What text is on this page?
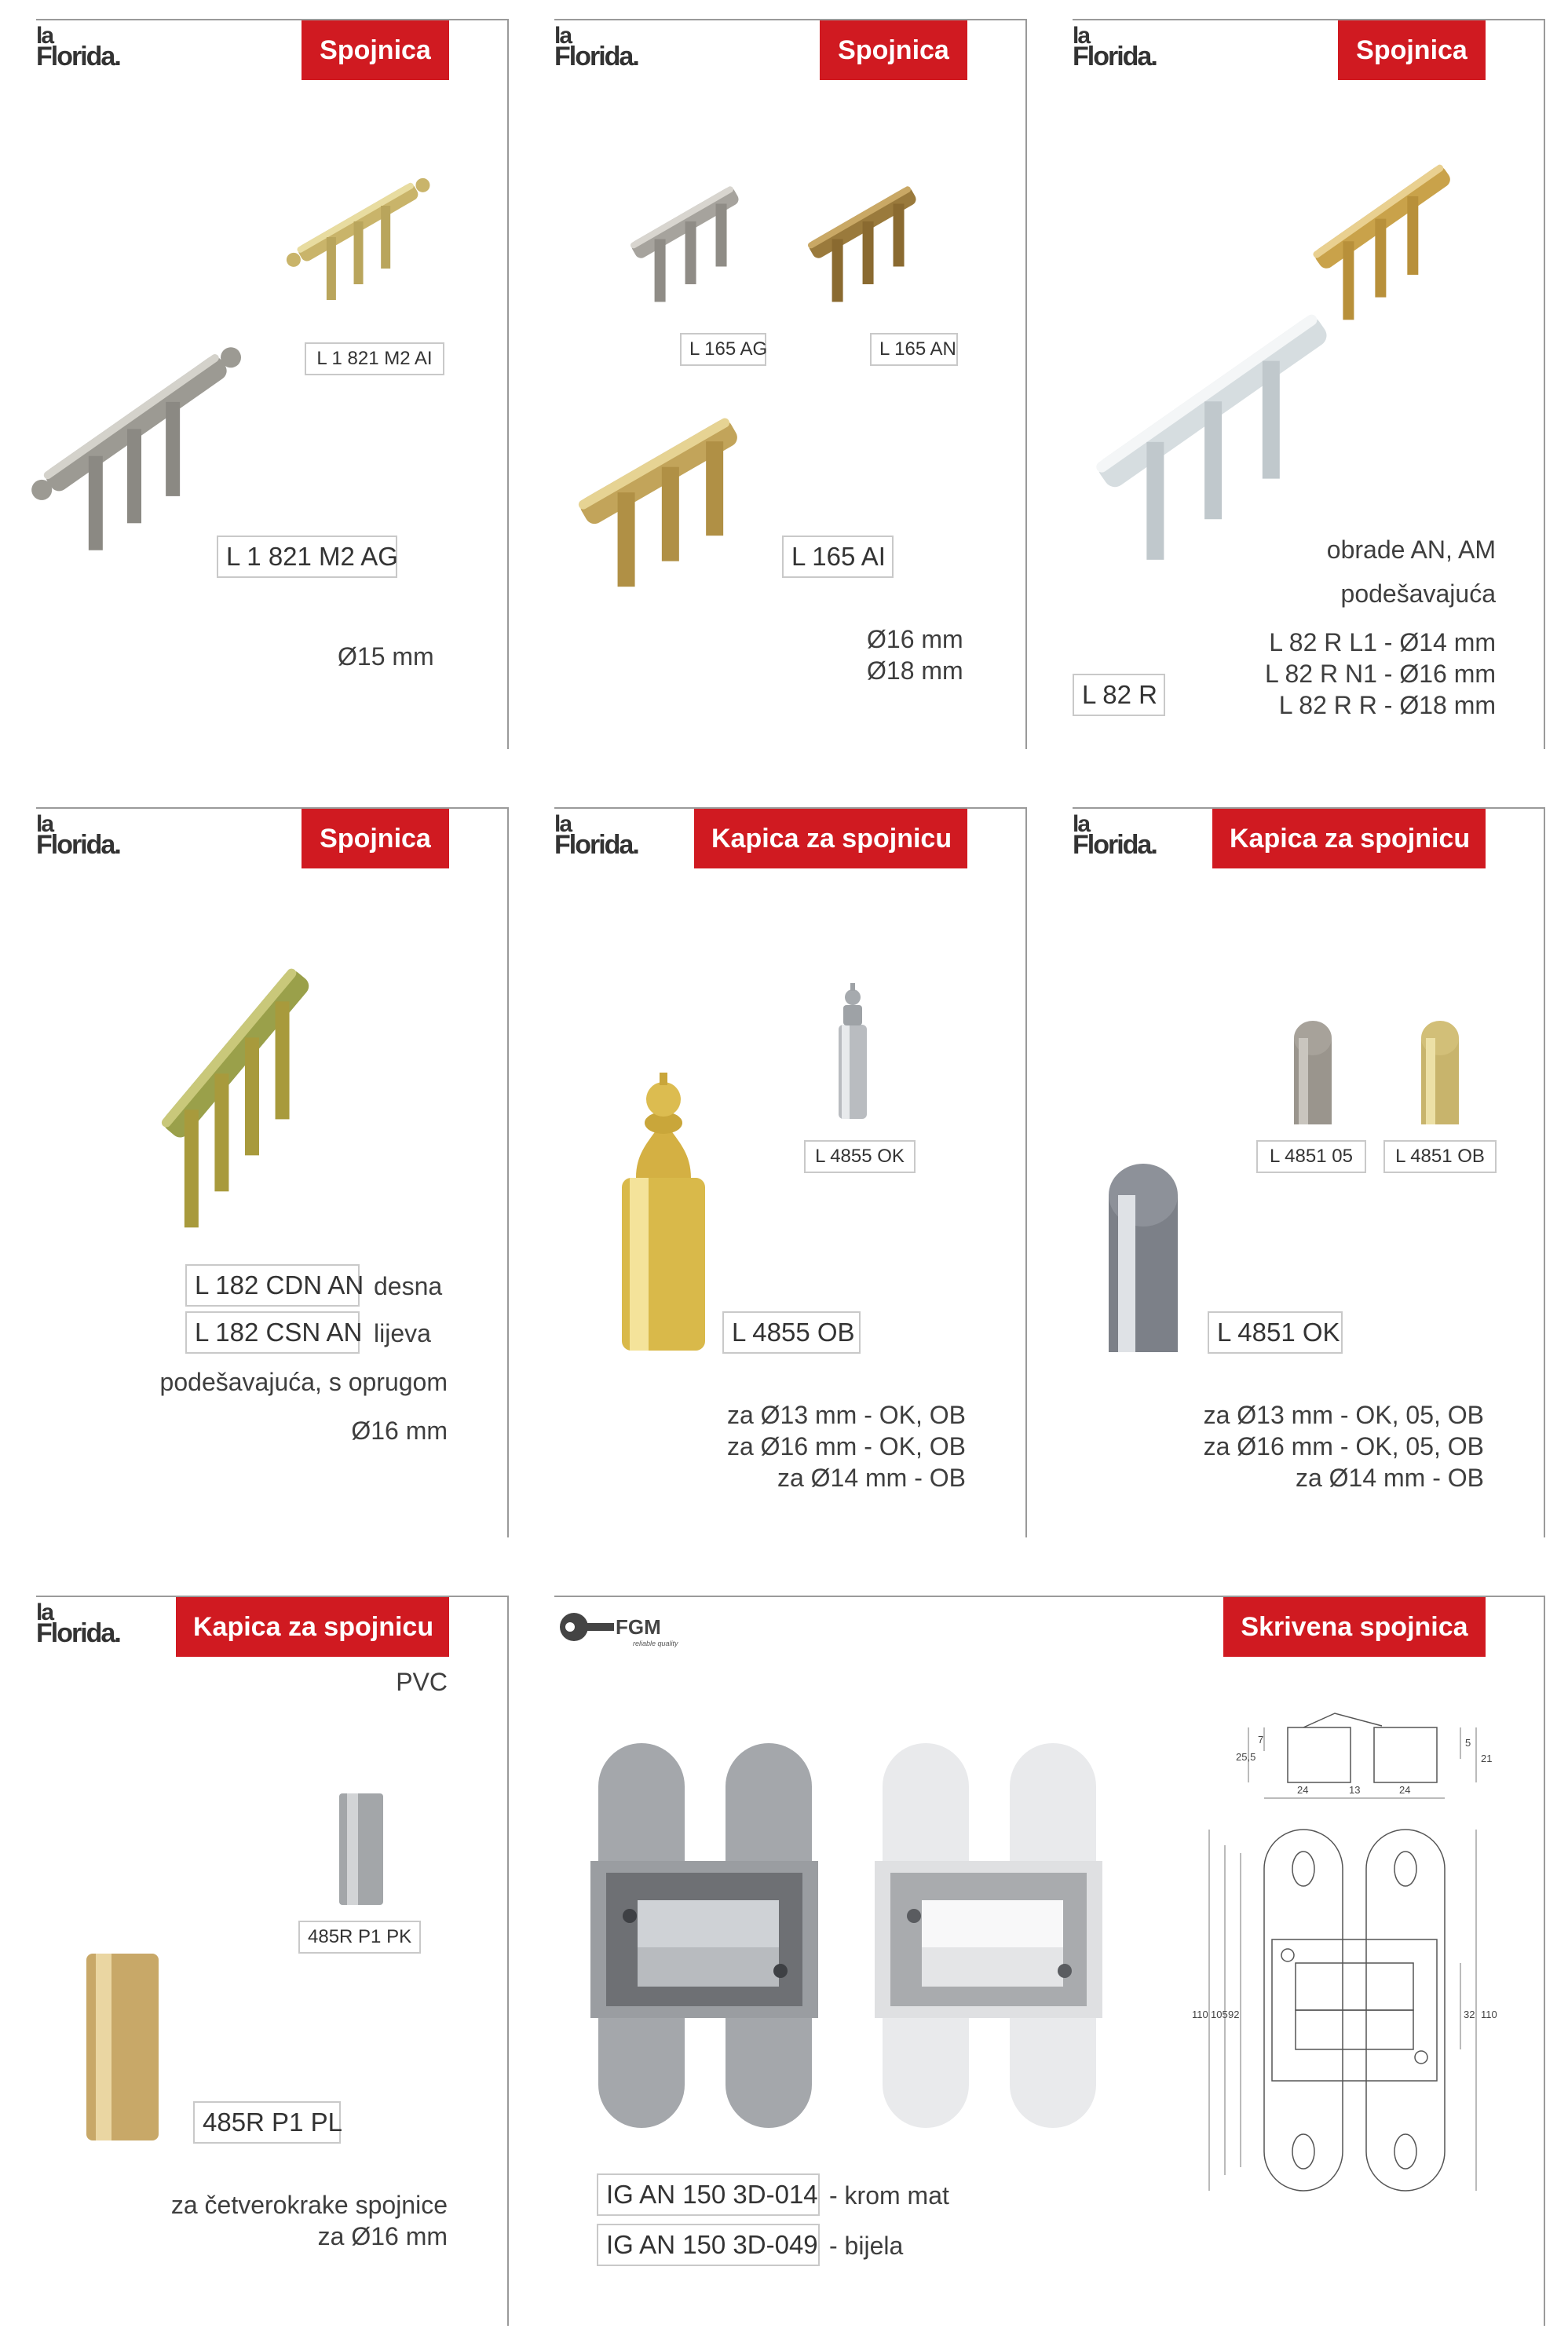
la
Florida.
la
Florida.
la
Florida.
la
Florida.
la
Florida.
la
Florida.
la
Florida.	FGM
reliable quality
Spojnica
L 1 821 M2 AI
L 1 821 M2 AG
Ø15 mm
Spojnica
L 165 AG	L 165 AN
L 165 AI
Ø16 mm
Ø18 mm
Spojnica
obrade AN, AM
podešavajuća
L 82 R L1 - Ø14 mm
L 82 R N1 - Ø16 mm
L 82 R R - Ø18 mm
L 82 R
Spojnica
L 182 CDN AN desna
L 182 CSN AN lijeva
podešavajuća, s oprugom
Ø16 mm
Kapica za spojnicu
L 4855 OK
L 4855 OB
za Ø13 mm - OK, OB
za Ø16 mm - OK, OB
za Ø14 mm - OB
Kapica za spojnicu
L 4851 05	L 4851 OB
L 4851 OK
za Ø13 mm - OK, 05, OB
za Ø16 mm - OK, 05, OB
za Ø14 mm - OB
Kapica za spojnicu
PVC
485R P1 PK
485R P1 PL
za četverokrake spojnice
za Ø16 mm
Skrivena spojnica
7
25,5
5
21
24	13	24
110 105 92	32 110
IG AN 150 3D-014 - krom mat
IG AN 150 3D-049 - bijela
